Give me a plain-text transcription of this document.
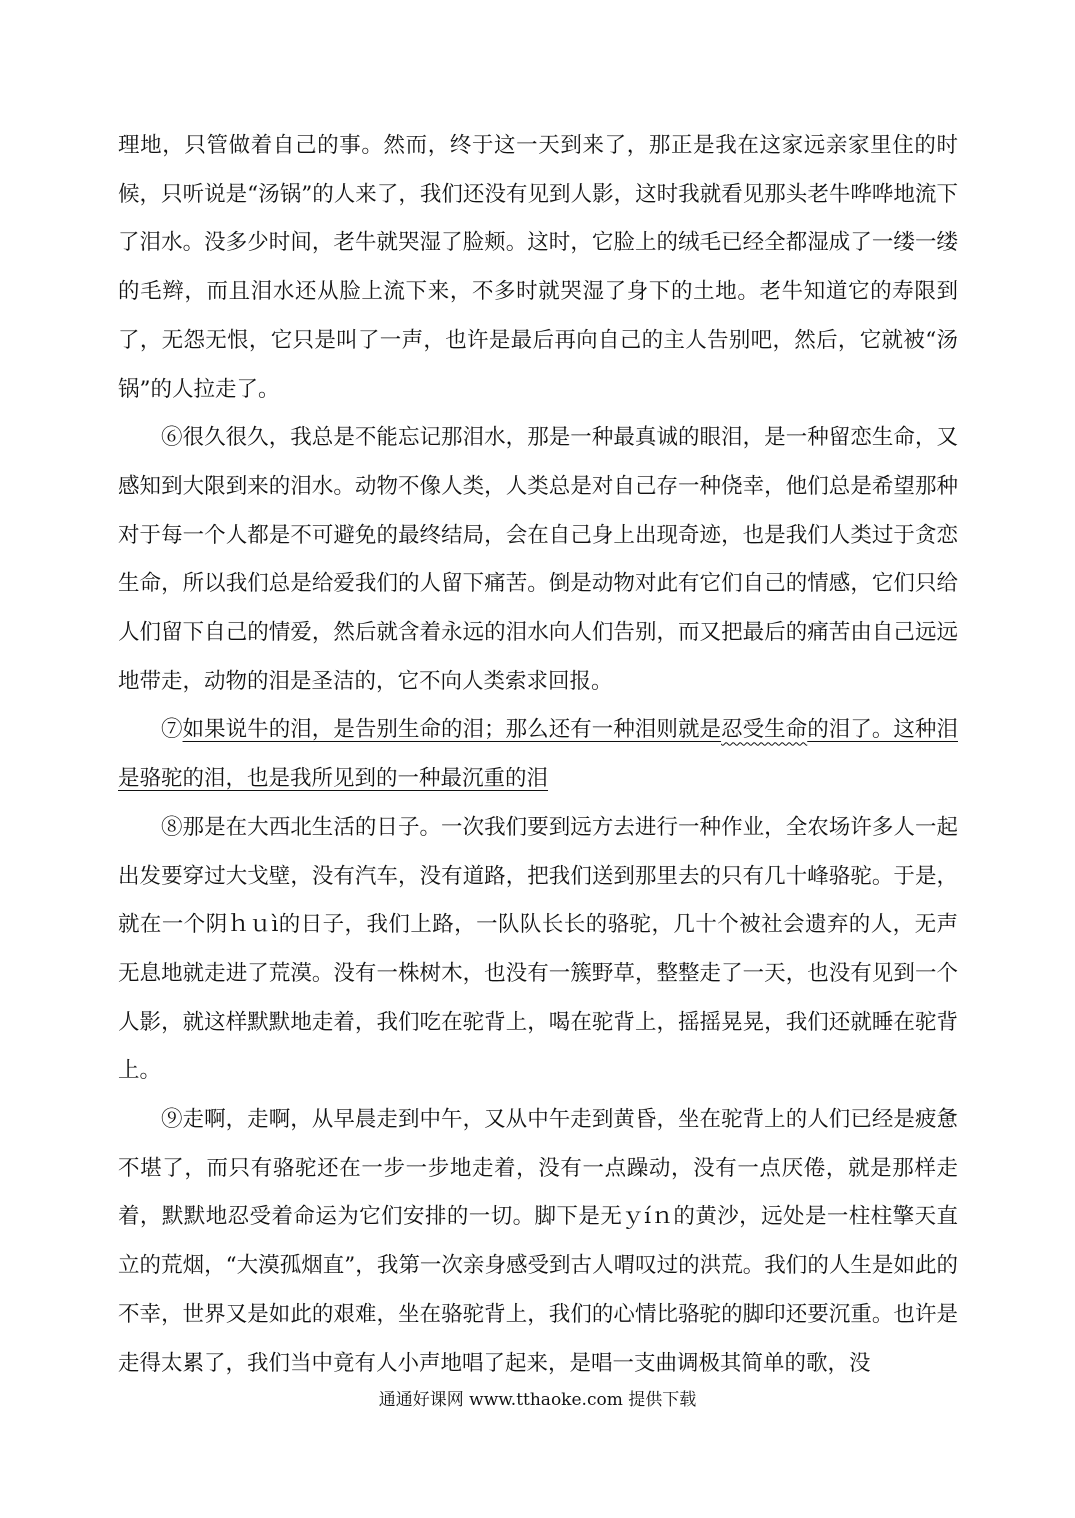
理地，只管做着自己的事。然而，终于这一天到来了，那正是我在这家远亲家里住的时候，只听说是“汤锅”的人来了，我们还没有见到人影，这时我就看见那头老牛哗哗地流下了泪水。没多少时间，老牛就哭湿了脸颊。这时，它脸上的绒毛已经全都湿成了一缕一缕的毛辫，而且泪水还从脸上流下来，不多时就哭湿了身下的土地。老牛知道它的寿限到了，无怨无恨，它只是叫了一声，也许是最后再向自己的主人告别吧，然后，它就被“汤锅”的人拉走了。

⑥很久很久，我总是不能忘记那泪水，那是一种最真诚的眼泪，是一种留恋生命，又感知到大限到来的泪水。动物不像人类，人类总是对自己存一种侥幸，他们总是希望那种对于每一个人都是不可避免的最终结局，会在自己身上出现奇迹，也是我们人类过于贪恋生命，所以我们总是给爱我们的人留下痛苦。倒是动物对此有它们自己的情感，它们只给人们留下自己的情爱，然后就含着永远的泪水向人们告别，而又把最后的痛苦由自己远远地带走，动物的泪是圣洁的，它不向人类索求回报。

⑦如果说牛的泪，是告别生命的泪；那么还有一种泪则就是忍受生命的泪了。这种泪是骆驼的泪，也是我所见到的一种最沉重的泪

⑧那是在大西北生活的日子。一次我们要到远方去进行一种作业，全农场许多人一起出发要穿过大戈壁，没有汽车，没有道路，把我们送到那里去的只有几十峰骆驼。于是，就在一个阴ｈｕì的日子，我们上路，一队队长长的骆驼，几十个被社会遗弃的人，无声无息地就走进了荒漠。没有一株树木，也没有一簇野草，整整走了一天，也没有见到一个人影，就这样默默地走着，我们吃在驼背上，喝在驼背上，摇摇晃晃，我们还就睡在驼背上。

⑨走啊，走啊，从早晨走到中午，又从中午走到黄昏，坐在驼背上的人们已经是疲惫不堪了，而只有骆驼还在一步一步地走着，没有一点躁动，没有一点厌倦，就是那样走着，默默地忍受着命运为它们安排的一切。脚下是无ｙíｎ的黄沙，远处是一柱柱擎天直立的荒烟，“大漠孤烟直”，我第一次亲身感受到古人喟叹过的洪荒。我们的人生是如此的不幸，世界又是如此的艰难，坐在骆驼背上，我们的心情比骆驼的脚印还要沉重。也许是走得太累了，我们当中竟有人小声地唱了起来，是唱一支曲调极其简单的歌，没

通通好课网 www.tthaoke.com 提供下载
